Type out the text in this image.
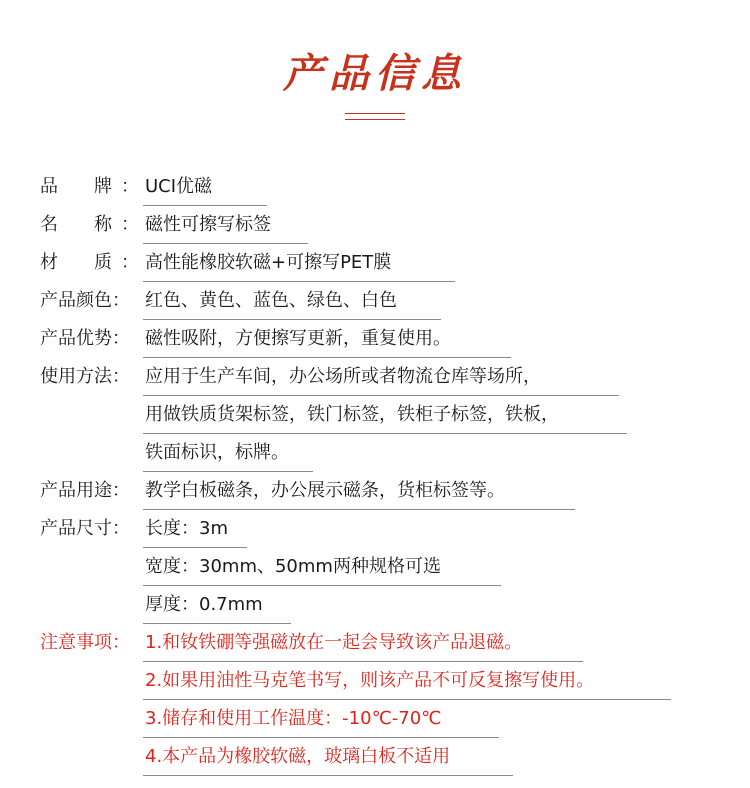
产品信息
品 牌 ： UCI优磁
名 称 ： 磁性可擦写标签
材 质 ： 高性能橡胶软磁+可擦写PET膜
产品颜色： 红色、黄色、蓝色、绿色、白色
产品优势： 磁性吸附，方便擦写更新，重复使用。
使用方法： 应用于生产车间，办公场所或者物流仓库等场所，
用做铁质货架标签，铁门标签，铁柜子标签，铁板，
铁面标识，标牌。
产品用途： 教学白板磁条，办公展示磁条，货柜标签等。
产品尺寸： 长度：3m
宽度：30mm、50mm两种规格可选
厚度：0.7mm
注意事项： 1.和钕铁硼等强磁放在一起会导致该产品退磁。
2.如果用油性马克笔书写，则该产品不可反复擦写使用。
3.储存和使用工作温度：-10℃-70℃
4.本产品为橡胶软磁，玻璃白板不适用
